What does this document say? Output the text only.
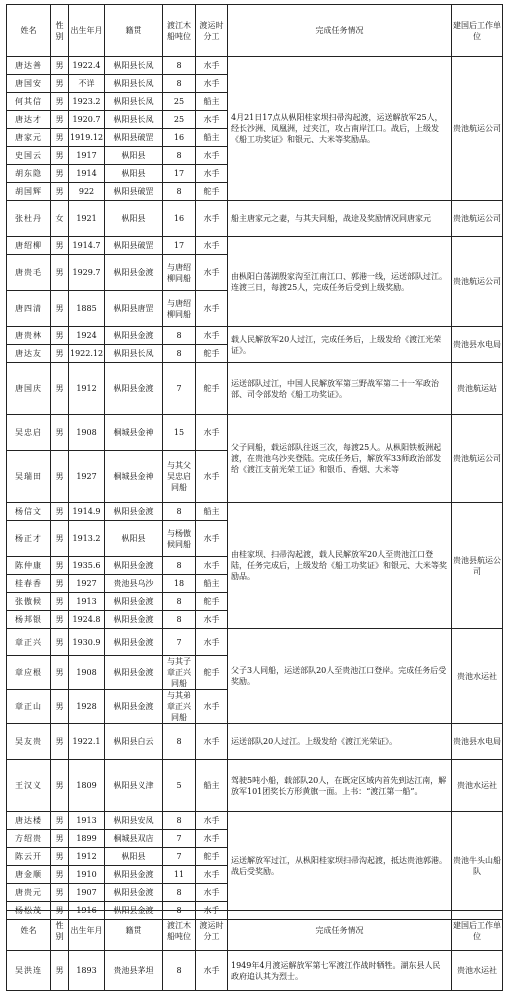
姓名	性别	出生年月	籍贯	渡江木船吨位	渡运时分工	完成任务情况	建国后工作单位
唐达善	男	1922.4	枞阳县长凤	8	水手	4月21日17点从枞阳桂家坝扫帚沟起渡，运送解放军25人，经长沙洲、凤凰洲，过夹江，攻占南岸江口。战后，上级发《船工功奖证》和银元、大米等奖励品。	贵池航运公司
唐国安	男	不详	枞阳县长凤	8	水手		
何其信	男	1923.2	枞阳县长凤	25	船主		
唐达才	男	1920.7	枞阳县长凤	25	水手		
唐家元	男	1919.12	枞阳县破罡	16	船主		
史国云	男	1917	枞阳县	8	水手		
胡东隐	男	1914	枞阳县	17	水手		
胡国辉	男	922	枞阳县破罡	8	舵手		
张杜丹	女	1921	枞阳县	16	水手	船主唐家元之妻，与其夫同船，战途及奖励情况同唐家元	贵池航运公司
唐绍柳	男	1914.7	枞阳县破罡	17	水手	由枞阳白荡湖殷家沟至江南江口、郭港一线，运送部队过江。连渡三日，每渡25人，完成任务后受到上级奖励。	贵池航运公司
唐贵毛	男	1929.7	枞阳县金渡	与唐绍柳同船	水手		
唐四清	男	1885	枞阳县唐罡	与唐绍柳同船	水手		
唐贵林	男	1924	枞阳县金渡	8	水手	载人民解放军20人过江，完成任务后，上级发给《渡江光荣证》。	贵池县水电局
唐达友	男	1922.12	枞阳县长凤	8	舵手		
唐国庆	男	1912	枞阳县金渡	7	舵手	运送部队过江，中国人民解放军第三野战军第二十一军政治部、司令部发给《船工功奖证》。	贵池航运站
吴忠启	男	1908	桐城县金神	15	水手	父子同船，载运部队往返三次，每渡25人。从枞阳铁板洲起渡，在贵池乌沙夹登陆。完成任务后，解放军33师政治部发给《渡江支前光荣工证》和银币、香烟、大米等	贵池航运公司
吴瑞田	男	1927	桐城县金神	与其父吴忠启同船	水手		
杨信文	男	1914.9	枞阳县金渡	8	船主	由桂家坝、扫帚沟起渡，载人民解放军20人至贵池江口登陆，任务完成后，上级发给《船工功奖证》和银元、大米等奖励品。	贵池县航运公司
杨正才	男	1913.2	枞阳县	与杨傲候同船	水手		
陈仲康	男	1935.6	枞阳县金渡	8	水手		
桂春香	男	1927	贵池县乌沙	18	船主		
张傲候	男	1913	枞阳县金渡	8	舵手		
杨邦银	男	1924.8	枞阳县金渡	8	水手		
章正兴	男	1930.9	枞阳县金渡	7	水手	父子3人同船，运送部队20人至贵池江口登岸。完成任务后受奖励。	贵池水运社
章应根	男	1908	枞阳县金渡	与其子章正兴同船	舵手		
章正山	男	1928	枞阳县金渡	与其弟章正兴同船	水手		
吴友贵	男	1922.1	枞阳县白云	8	水手	运送部队20人过江。上级发给《渡江光荣证》。	贵池县水电局
王汉义	男	1809	枞阳县义津	5	船主	驾驶5吨小船，载部队20人，在既定区域内首先到达江南，解放军101团奖长方形黄旗一面。上书：“渡江第一船”。	贵池水运社
唐达楼	男	1913	枞阳县安凤	8	水手	运送解放军过江，从枞阳桂家坝扫帚沟起渡，抵达贵池郭港。战后受奖励。	贵池牛头山船队
方绍贵	男	1899	桐城县双店	7	水手		
陈云开	男	1912	枞阳县	7	舵手		
唐金顺	男	1910	枞阳县金渡	11	水手		
唐贵元	男	1907	枞阳县金渡	8	水手		
杨松茂	男	1916	枞阳县金渡	8	水手		
姓名	性别	出生年月	籍贯	渡江木船吨位	渡运时分工	完成任务情况	建国后工作单位
吴洪连	男	1893	贵池县茅坦	8	水手	1949年4月渡运解放军第七军渡江作战时牺牲。湖东县人民政府追认其为烈士。	贵池水运社
